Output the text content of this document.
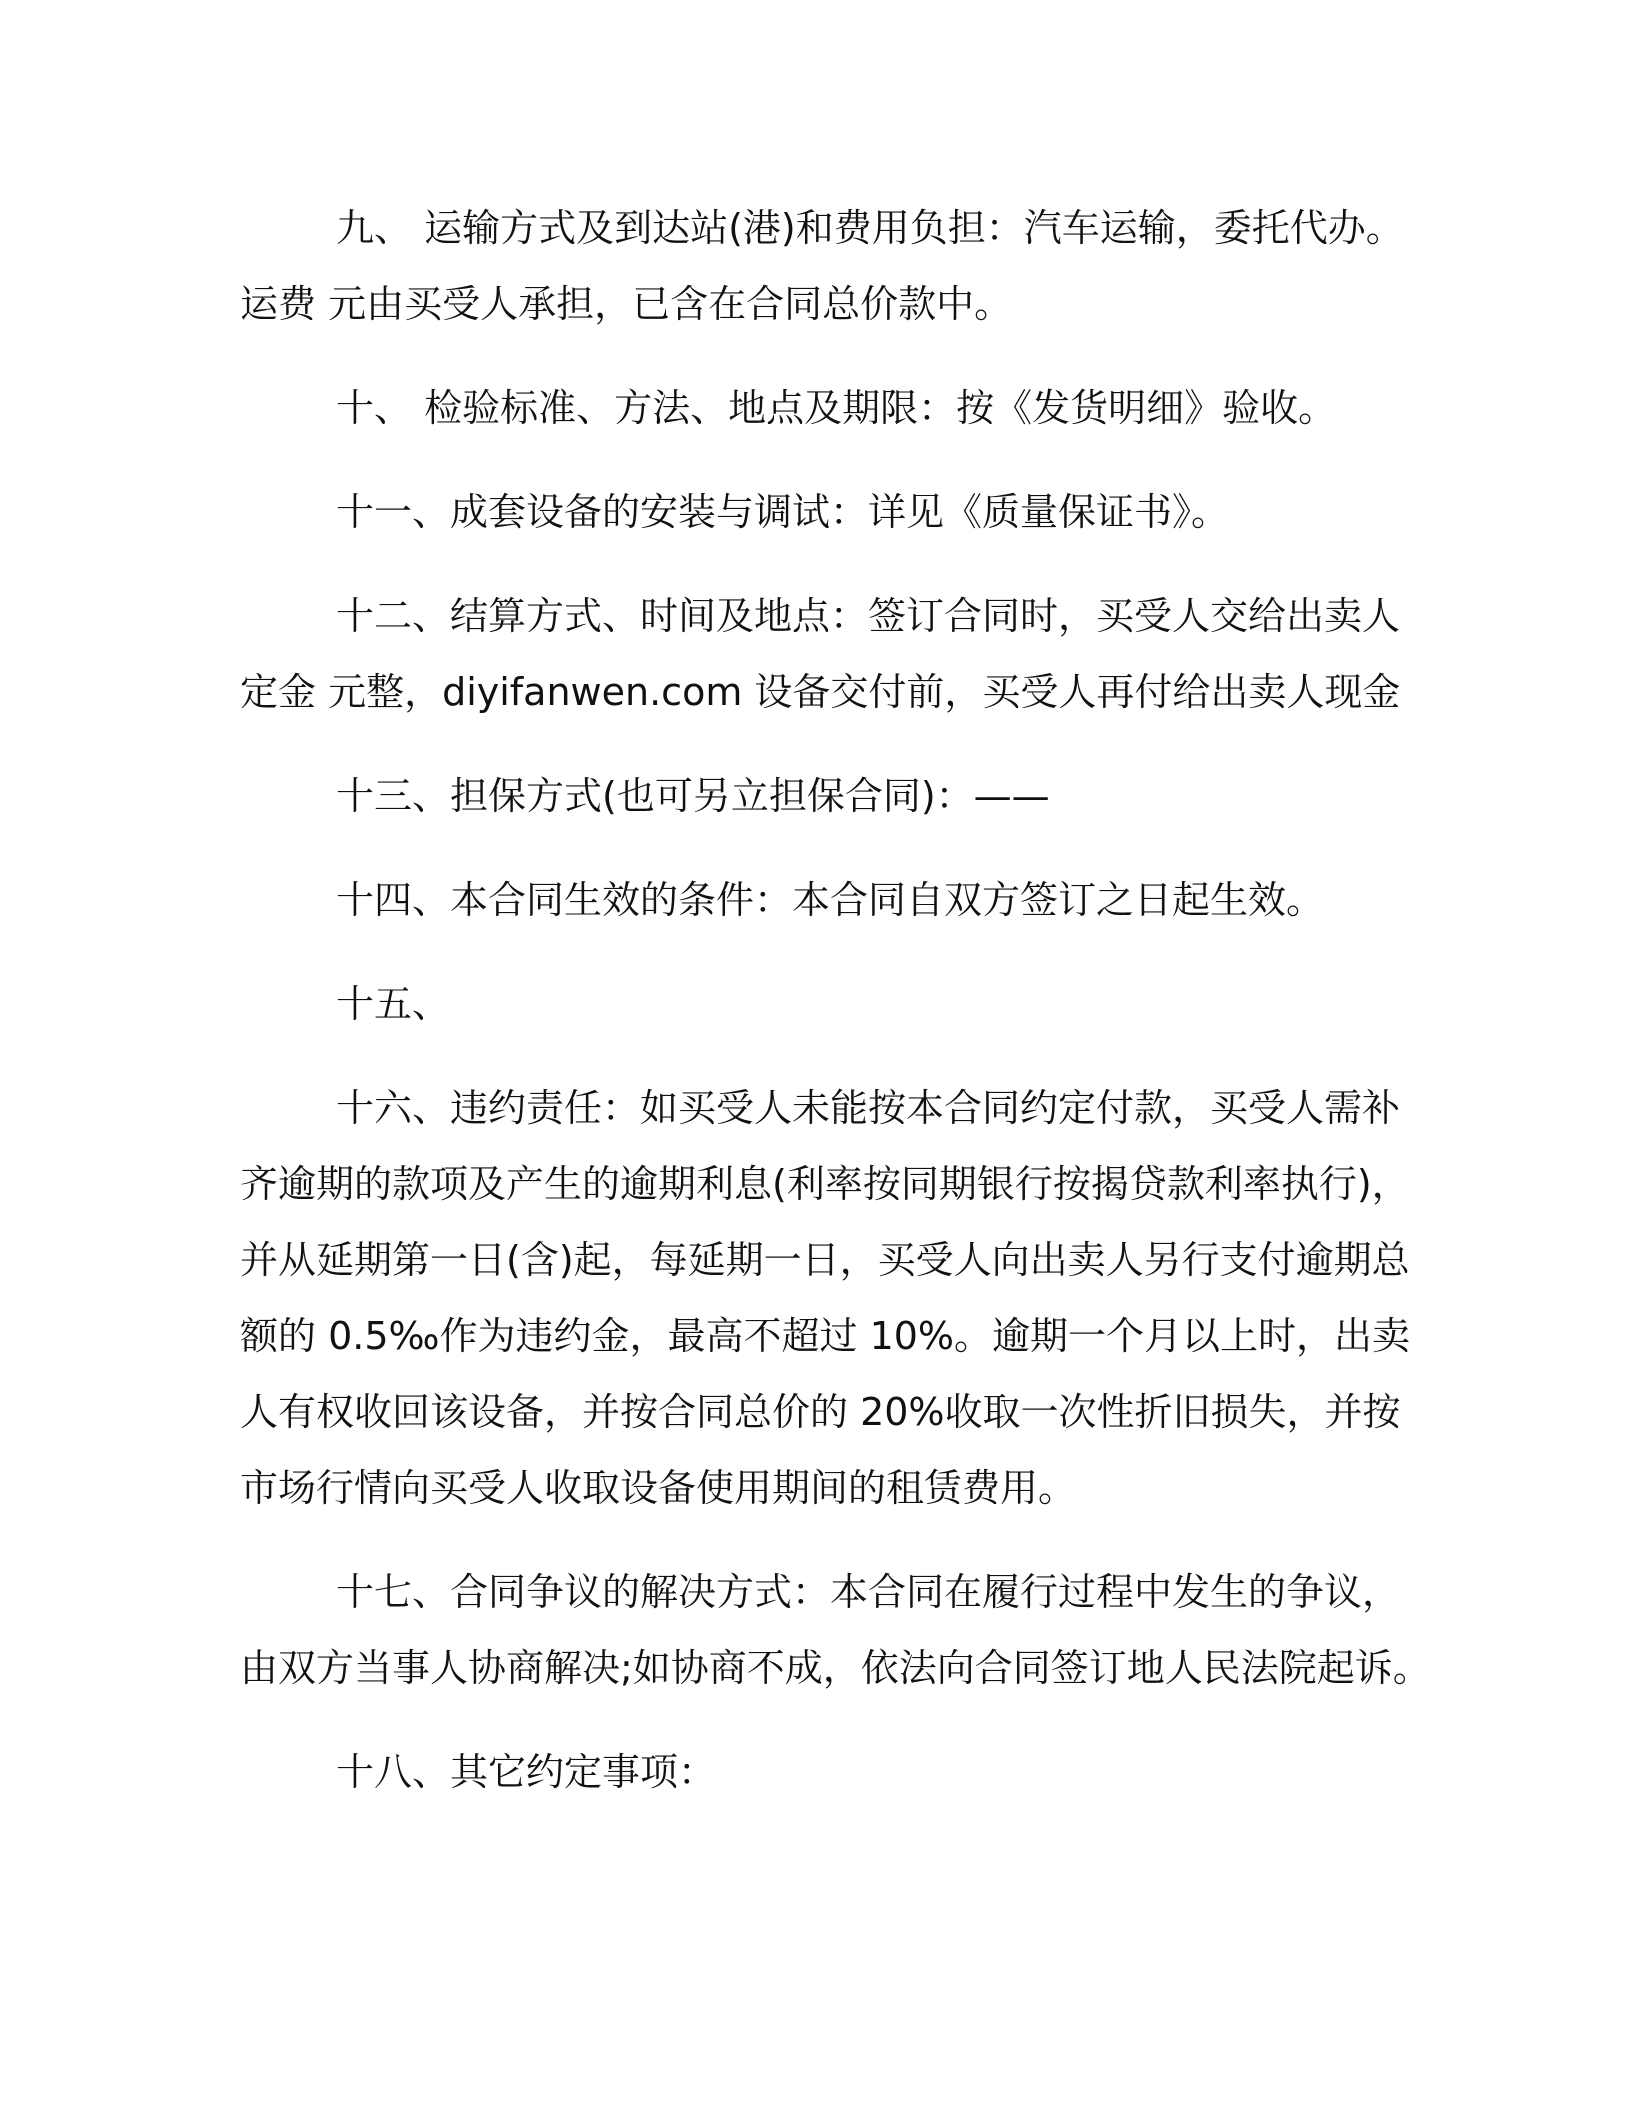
九、 运输方式及到达站(港)和费用负担：汽车运输，委托代办。
运费 元由买受人承担，已含在合同总价款中。

十、 检验标准、方法、地点及期限：按《发货明细》验收。

十一、成套设备的安装与调试：详见《质量保证书》。

十二、结算方式、时间及地点：签订合同时，买受人交给出卖人
定金 元整，diyifanwen.com 设备交付前，买受人再付给出卖人现金

十三、担保方式(也可另立担保合同)：——

十四、本合同生效的条件：本合同自双方签订之日起生效。

十五、

十六、违约责任：如买受人未能按本合同约定付款，买受人需补
齐逾期的款项及产生的逾期利息(利率按同期银行按揭贷款利率执行)，
并从延期第一日(含)起，每延期一日，买受人向出卖人另行支付逾期总
额的 0.5‰作为违约金，最高不超过 10%。逾期一个月以上时，出卖
人有权收回该设备，并按合同总价的 20%收取一次性折旧损失，并按
市场行情向买受人收取设备使用期间的租赁费用。

十七、合同争议的解决方式：本合同在履行过程中发生的争议，
由双方当事人协商解决;如协商不成，依法向合同签订地人民法院起诉。

十八、其它约定事项：
